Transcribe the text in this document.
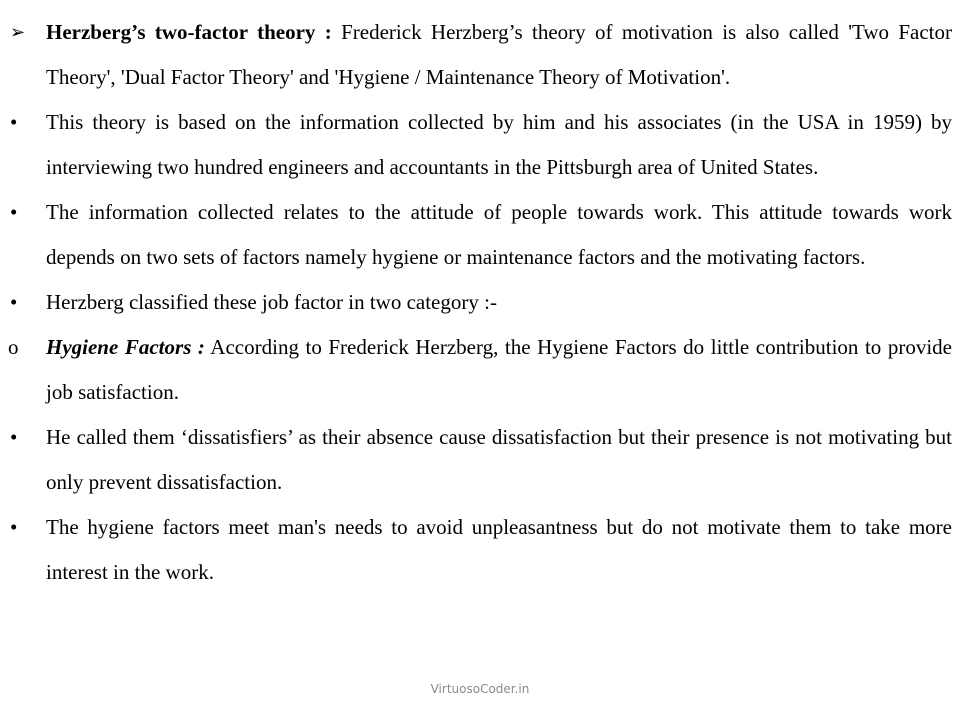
➢ Herzberg’s two-factor theory : Frederick Herzberg’s theory of motivation is also called 'Two Factor Theory', 'Dual Factor Theory' and 'Hygiene / Maintenance Theory of Motivation'.
•	This theory is based on the information collected by him and his associates (in the USA in 1959) by interviewing two hundred engineers and accountants in the Pittsburgh area of United States.
•	The information collected relates to the attitude of people towards work. This attitude towards work depends on two sets of factors namely hygiene or maintenance factors and the motivating factors.
•	Herzberg classified these job factor in two category :-
o	Hygiene Factors : According to Frederick Herzberg, the Hygiene Factors do little contribution to provide job satisfaction.
•	He called them ‘dissatisfiers’ as their absence cause dissatisfaction but their presence is not motivating but only prevent dissatisfaction.
•	The hygiene factors meet man's needs to avoid unpleasantness but do not motivate them to take more interest in the work.
VirtuosoCoder.in
